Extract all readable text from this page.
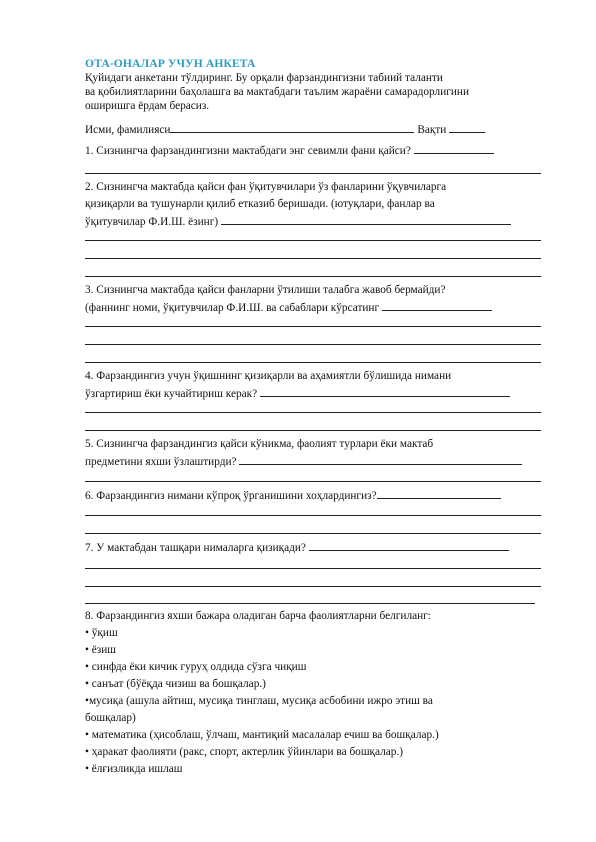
ОТА-ОНАЛАР УЧУН АНКЕТА
Қуйидаги анкетани тўлдиринг. Бу орқали фарзандингизни табиий таланти
ва қобилиятларини баҳолашга ва мактабдаги таълим жараёни самарадорлигини
оширишга ёрдам берасиз.
Исми, фамилияси	Вақти
1. Сизнингча фарзандингизни мактабдаги энг севимли фани қайси?
2. Сизнингча мактабда қайси фан ўқитувчилари ўз фанларини ўқувчиларга
қизиқарли ва тушунарли қилиб етказиб беришади. (ютуқлари, фанлар ва
ўқитувчилар Ф.И.Ш. ёзинг)
3. Сизнингча мактабда қайси фанларни ўтилиши талабга жавоб бермайди?
(фаннинг номи, ўқитувчилар Ф.И.Ш. ва сабаблари кўрсатинг
4. Фарзандингиз учун ўқишнинг қизиқарли ва аҳамиятли бўлишида нимани
ўзгартириш ёки кучайтириш керак?
5. Сизнингча фарзандингиз қайси кўникма, фаолият турлари ёки мактаб
предметини яхши ўзлаштирди?
6. Фарзандингиз нимани кўпроқ ўрганишини хоҳлардингиз?
7. У мактабдан ташқари нималарга қизиқади?
8. Фарзандингиз яхши бажара оладиган барча фаолиятларни белгиланг:
• ўқиш
• ёзиш
• синфда ёки кичик гуруҳ олдида сўзга чиқиш
• санъат (бўёқда чизиш ва бошқалар.)
•мусиқа (ашула айтиш, мусиқа тинглаш, мусиқа асбобини ижро этиш ва
бошқалар)
• математика (ҳисоблаш, ўлчаш, мантиқий масалалар ечиш ва бошқалар.)
• ҳаракат фаолияти (ракс, спорт, актерлик ўйинлари ва бошқалар.)
• ёлғизликда ишлаш
